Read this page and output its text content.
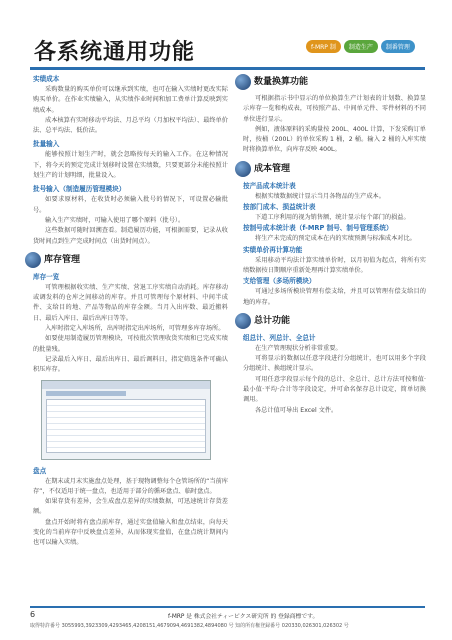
各系统通用功能	f-MRP 制	制造生产	制番管理
实绩成本
采购数量的购买单价可以继承到实绩，也可在输入实绩时更改实际购买单价。在作业实绩输入，从实绩作业时间和加工费单计算反映到实绩成本。
成本核算有实时移动平均法、月总平均（月加权平均法）、最终单价法、总平均法、低价法。
批量输入
能够按照计划生产时，就会忽略按每天的输入工作。在这种情况下，将今天的预定完成计划移时设置在实绩数，只要更部分未能按照计划生产的计划明细，批量设入。
批号输入（制造履历管理模块）
如要求原材料，在收货时必须输入批号的情况下，可设置必输批号。
输入生产实绩时，可输入使用了哪个原料（批号）。
这些数据可随时回溯查看。制造履历功能，可根据需要，记录从收货时间点到生产完成时间点（出货时间点）。
库存管理
库存一览
可管理根据收实绩、生产实绩、营退工序实绩自动消耗。库存移动或调发料的仓库之间移动的库存。并且可管理每个原材料、中间半成件、支给目的地、产品等物品的库存金额。当月入出库数、最近搬料日、最后入库日、最后出库日等等。
入库时指定入库场所，出库时指定出库场所，可管理多库存场所。
如要使用制造履历管理模块，可按批次管理收货实绩和已完成实绩的批量残。
记录最后入库日、最后出库日、最后调料日，指定筛选条件可确认积压库存。
盘点
在期末或月末实施盘点处理，基于现物调整每个仓管场所的“当前库存”，不仅适用于统一盘点，也适用于部分的循环盘点、临时盘点。
如果存货有差异，会生成盘点差异的实绩数据，可迅速统计存货差额。
盘点开始时将有盘点前库存，通过实盘值输入和盘点结束，向每天变化的当前库存中反映盘点差异，从而体现实盘值，在盘点统计期间内也可以输入实绩。
数量换算功能
可根据指示书中显示的单位换算生产计划表的计划数、换算显示库存一览和构成表，可按照产品、中间单元件、零件材料的不同单位进行显示。
例如，液体原料的采购量按 200L、400L 计算，下发采购订单时，按桶（200L）的单位采购 1 桶，2 桶。输入 2 桶的入库实绩时将换算单位，向库存反映 400L。
成本管理
按产品成本统计表
根据实绩数据统计显示当月各物品的生产成本。
按部门成本、损益统计表
下道工序利用的视为销售额，统计显示每个部门的损益。
按制号成本统计表（f-MRP 制号、制号管理系统）
将生产未完成的预定成本在内的实绩预测与标准成本对比。
实绩单价再计算功能
采用移动平均法计算实绩单价时，以月初值为起点，将所有实绩数据按日期顺序重新处理再计算实绩单价。
支给管理（多场所模块）
可通过多场所模块管理有偿支给，并且可以管理有偿支给目的地的库存。
总计功能
组总计、列总计、全总计
在生产管理现状分析非常重要。
可将显示的数据以任意字段进行分组统计，也可以用多个字段分组统计、换组统计显示。
可用任意字段显示每个段的总计、全总计、总计方法可按和值·最小值·平均·合计等字段设定，并可命名保存总计设定，简单切换调用。
各总计值可导出 Excel 文件。
6	f-MRP 是 株式会社ティーピクス研究所 的 登録商標です。
取得特許番号 3055993,3923309,4293465,4208151,4679094,4691382,4894080 号 知的所有権登録番号 020330,026301,026302 号
